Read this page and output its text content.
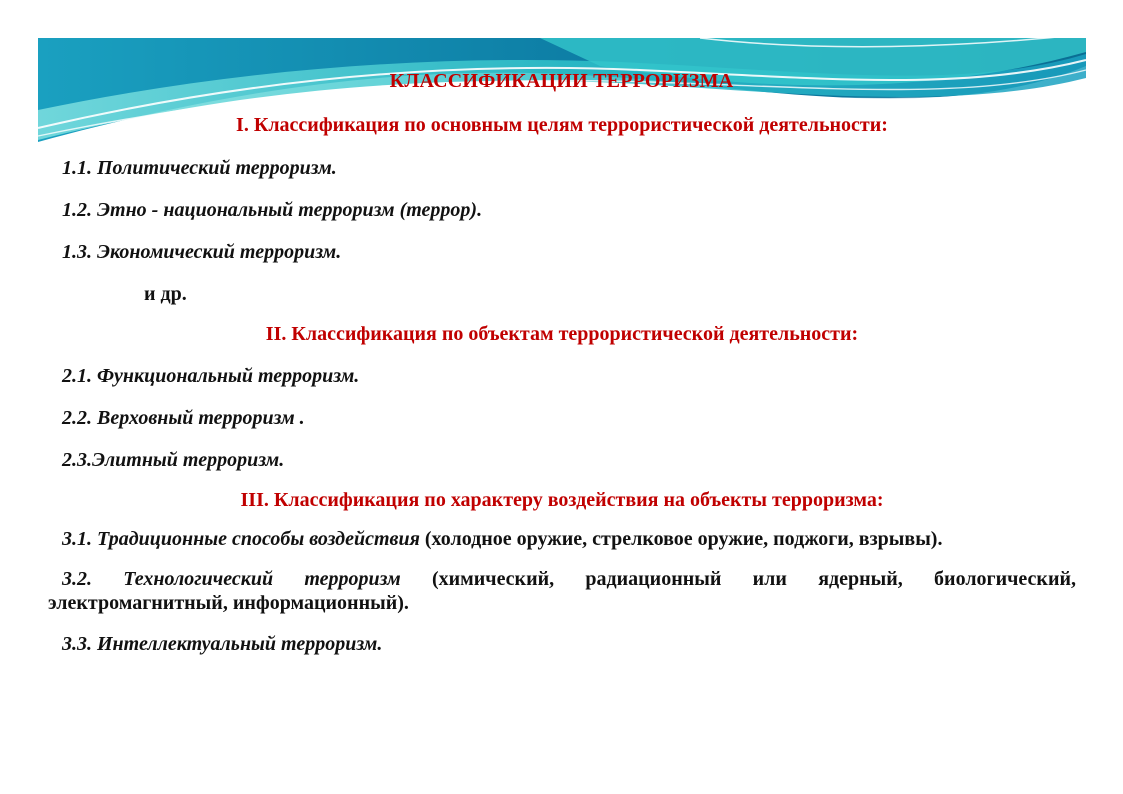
КЛАССИФИКАЦИИ ТЕРРОРИЗМА
I. Классификация по основным целям террористической деятельности:
1.1. Политический терроризм.
1.2. Этно - национальный терроризм (террор).
1.3. Экономический терроризм.
и др.
II. Классификация по объектам террористической деятельности:
2.1. Функциональный терроризм.
2.2. Верховный терроризм .
2.3.Элитный терроризм.
III. Классификация по характеру воздействия на объекты терроризма:
3.1. Традиционные способы воздействия (холодное оружие, стрелковое оружие, поджоги, взрывы).
3.2. Технологический терроризм (химический, радиационный или ядерный, биологический, электромагнитный, информационный).
3.3. Интеллектуальный терроризм.
